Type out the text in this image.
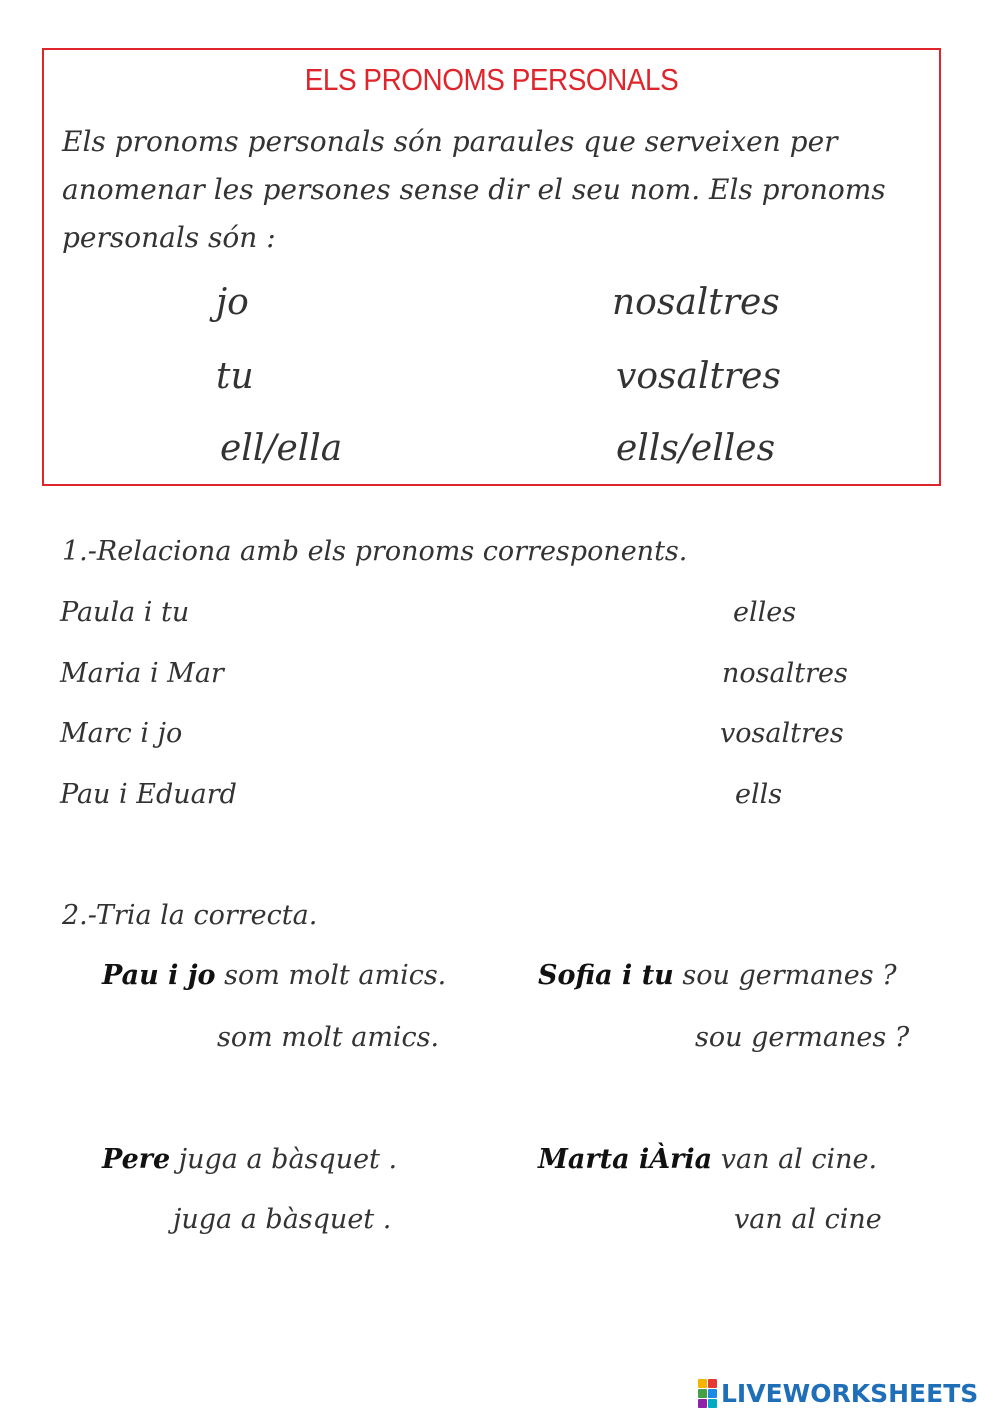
ELS PRONOMS PERSONALS
Els pronoms personals són paraules que serveixen per
anomenar les persones sense dir el seu nom. Els pronoms
personals són :
jo
tu
ell/ella
nosaltres
vosaltres
ells/elles
1.-Relaciona amb els pronoms corresponents.
Paula i tu
Maria i Mar
Marc i jo
Pau i Eduard
elles
nosaltres
vosaltres
ells
2.-Tria la correcta.
Pau i jo som molt amics.
som molt amics.
Sofia i tu sou germanes ?
sou germanes ?
Pere juga a bàsquet .
juga a bàsquet .
Marta iÀria van al cine.
van al cine
LIVEWORKSHEETS
